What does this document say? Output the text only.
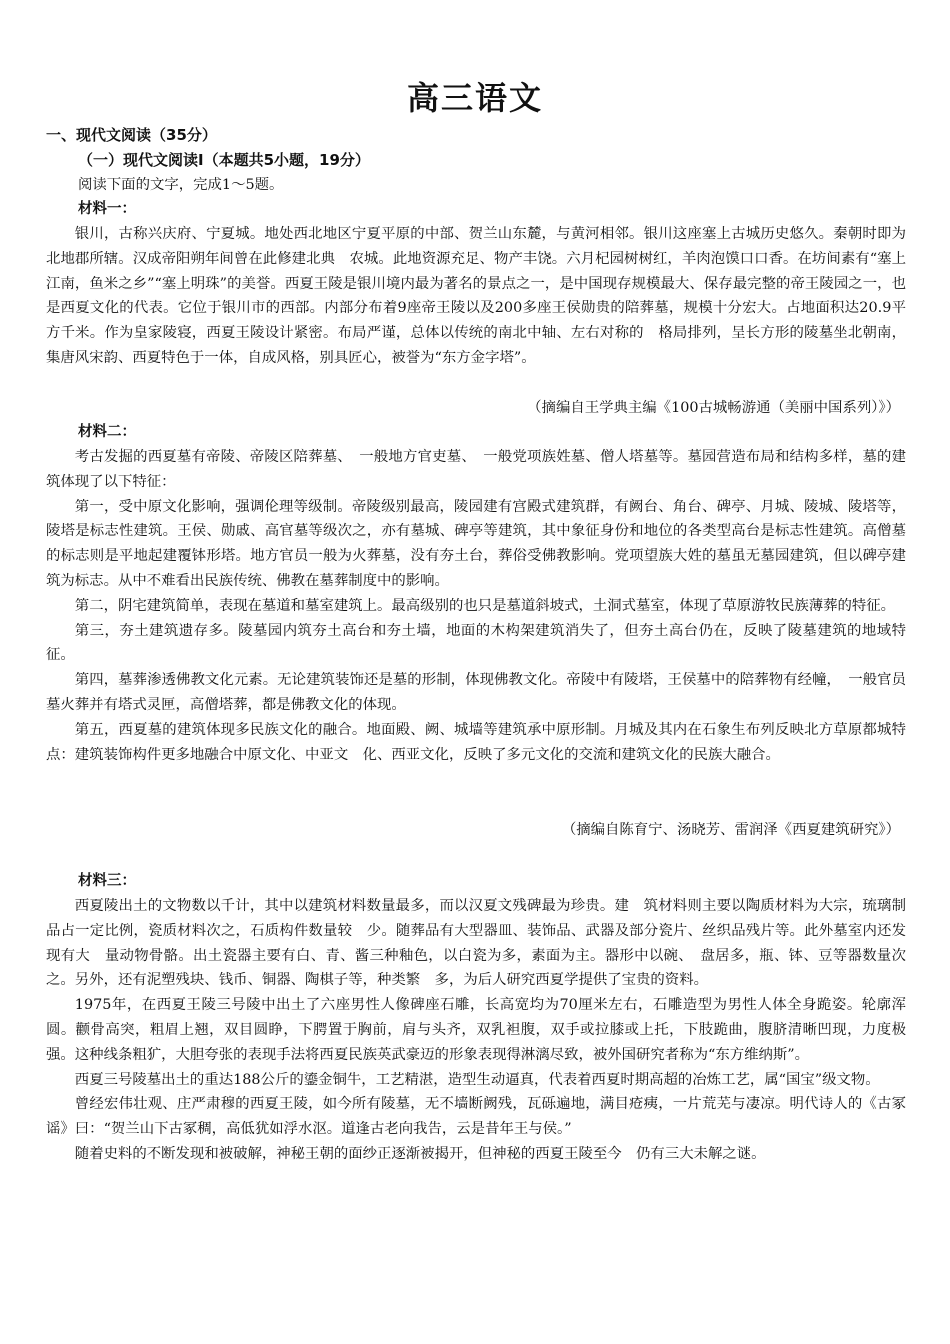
高三语文
一、现代文阅读（35分）
（一）现代文阅读Ⅰ（本题共5小题，19分）
阅读下面的文字，完成1～5题。
材料一：

银川，古称兴庆府、宁夏城。地处西北地区宁夏平原的中部、贺兰山东麓，与黄河相邻。银川这座塞上古城历史悠久。秦朝时即为北地郡所辖。汉成帝阳朔年间曾在此修建北典　农城。此地资源充足、物产丰饶。六月杞园树树红，羊肉泡馍口口香。在坊间素有“塞上江南，鱼米之乡”“塞上明珠”的美誉。西夏王陵是银川境内最为著名的景点之一，是中国现存规模最大、保存最完整的帝王陵园之一，也是西夏文化的代表。它位于银川市的西部。内部分布着9座帝王陵以及200多座王侯勋贵的陪葬墓，规模十分宏大。占地面积达20.9平方千米。作为皇家陵寝，西夏王陵设计紧密。布局严谨，总体以传统的南北中轴、左右对称的　格局排列，呈长方形的陵墓坐北朝南，集唐风宋韵、西夏特色于一体，自成风格，别具匠心，被誉为“东方金字塔”。

（摘编自王学典主编《100古城畅游通（美丽中国系列）》）
材料二：

考古发掘的西夏墓有帝陵、帝陵区陪葬墓、　一般地方官吏墓、　一般党项族姓墓、僧人塔墓等。墓园营造布局和结构多样，墓的建筑体现了以下特征：

第一，受中原文化影响，强调伦理等级制。帝陵级别最高，陵园建有宫殿式建筑群，有阙台、角台、碑亭、月城、陵城、陵塔等，陵塔是标志性建筑。王侯、勋戚、高官墓等级次之，亦有墓城、碑亭等建筑，其中象征身份和地位的各类型高台是标志性建筑。高僧墓的标志则是平地起建覆钵形塔。地方官员一般为火葬墓，没有夯土台，葬俗受佛教影响。党项望族大姓的墓虽无墓园建筑，但以碑亭建筑为标志。从中不难看出民族传统、佛教在墓葬制度中的影响。

第二，阴宅建筑简单，表现在墓道和墓室建筑上。最高级别的也只是墓道斜坡式，土洞式墓室，体现了草原游牧民族薄葬的特征。

第三，夯土建筑遗存多。陵墓园内筑夯土高台和夯土墙，地面的木构架建筑消失了，但夯土高台仍在，反映了陵墓建筑的地域特征。

第四，墓葬渗透佛教文化元素。无论建筑装饰还是墓的形制，体现佛教文化。帝陵中有陵塔，王侯墓中的陪葬物有经幢，　一般官员墓火葬并有塔式灵匣，高僧塔葬，都是佛教文化的体现。

第五，西夏墓的建筑体现多民族文化的融合。地面殿、阙、城墙等建筑承中原形制。月城及其内在石象生布列反映北方草原都城特点：建筑装饰构件更多地融合中原文化、中亚文　化、西亚文化，反映了多元文化的交流和建筑文化的民族大融合。

（摘编自陈育宁、汤晓芳、雷润泽《西夏建筑研究》）
材料三：

西夏陵出土的文物数以千计，其中以建筑材料数量最多，而以汉夏文残碑最为珍贵。建　筑材料则主要以陶质材料为大宗，琉璃制品占一定比例，瓷质材料次之，石质构件数量较　少。随葬品有大型器皿、装饰品、武器及部分瓷片、丝织品残片等。此外墓室内还发现有大　量动物骨骼。出土瓷器主要有白、青、酱三种釉色，以白瓷为多，素面为主。器形中以碗、　盘居多，瓶、钵、豆等器数量次之。另外，还有泥塑残块、钱币、铜器、陶棋子等，种类繁　多，为后人研究西夏学提供了宝贵的资料。

1975年，在西夏王陵三号陵中出土了六座男性人像碑座石雕，长高宽均为70厘米左右，石雕造型为男性人体全身跪姿。轮廓浑圆。颧骨高突，粗眉上翘，双目圆睁，下腭置于胸前，肩与头齐，双乳袒腹，双手或拉膝或上托，下肢跪曲，腹脐清晰凹现，力度极强。这种线条粗犷，大胆夸张的表现手法将西夏民族英武豪迈的形象表现得淋漓尽致，被外国研究者称为“东方维纳斯”。

西夏三号陵墓出土的重达188公斤的鎏金铜牛，工艺精湛，造型生动逼真，代表着西夏时期高超的冶炼工艺，属“国宝”级文物。

曾经宏伟壮观、庄严肃穆的西夏王陵，如今所有陵墓，无不墙断阙残，瓦砾遍地，满目疮痍，一片荒芜与凄凉。明代诗人的《古冢谣》曰：“贺兰山下古冢稠，高低犹如浮水沤。道逢古老向我告，云是昔年王与侯。”

随着史料的不断发现和被破解，神秘王朝的面纱正逐渐被揭开，但神秘的西夏王陵至今　仍有三大未解之谜。
